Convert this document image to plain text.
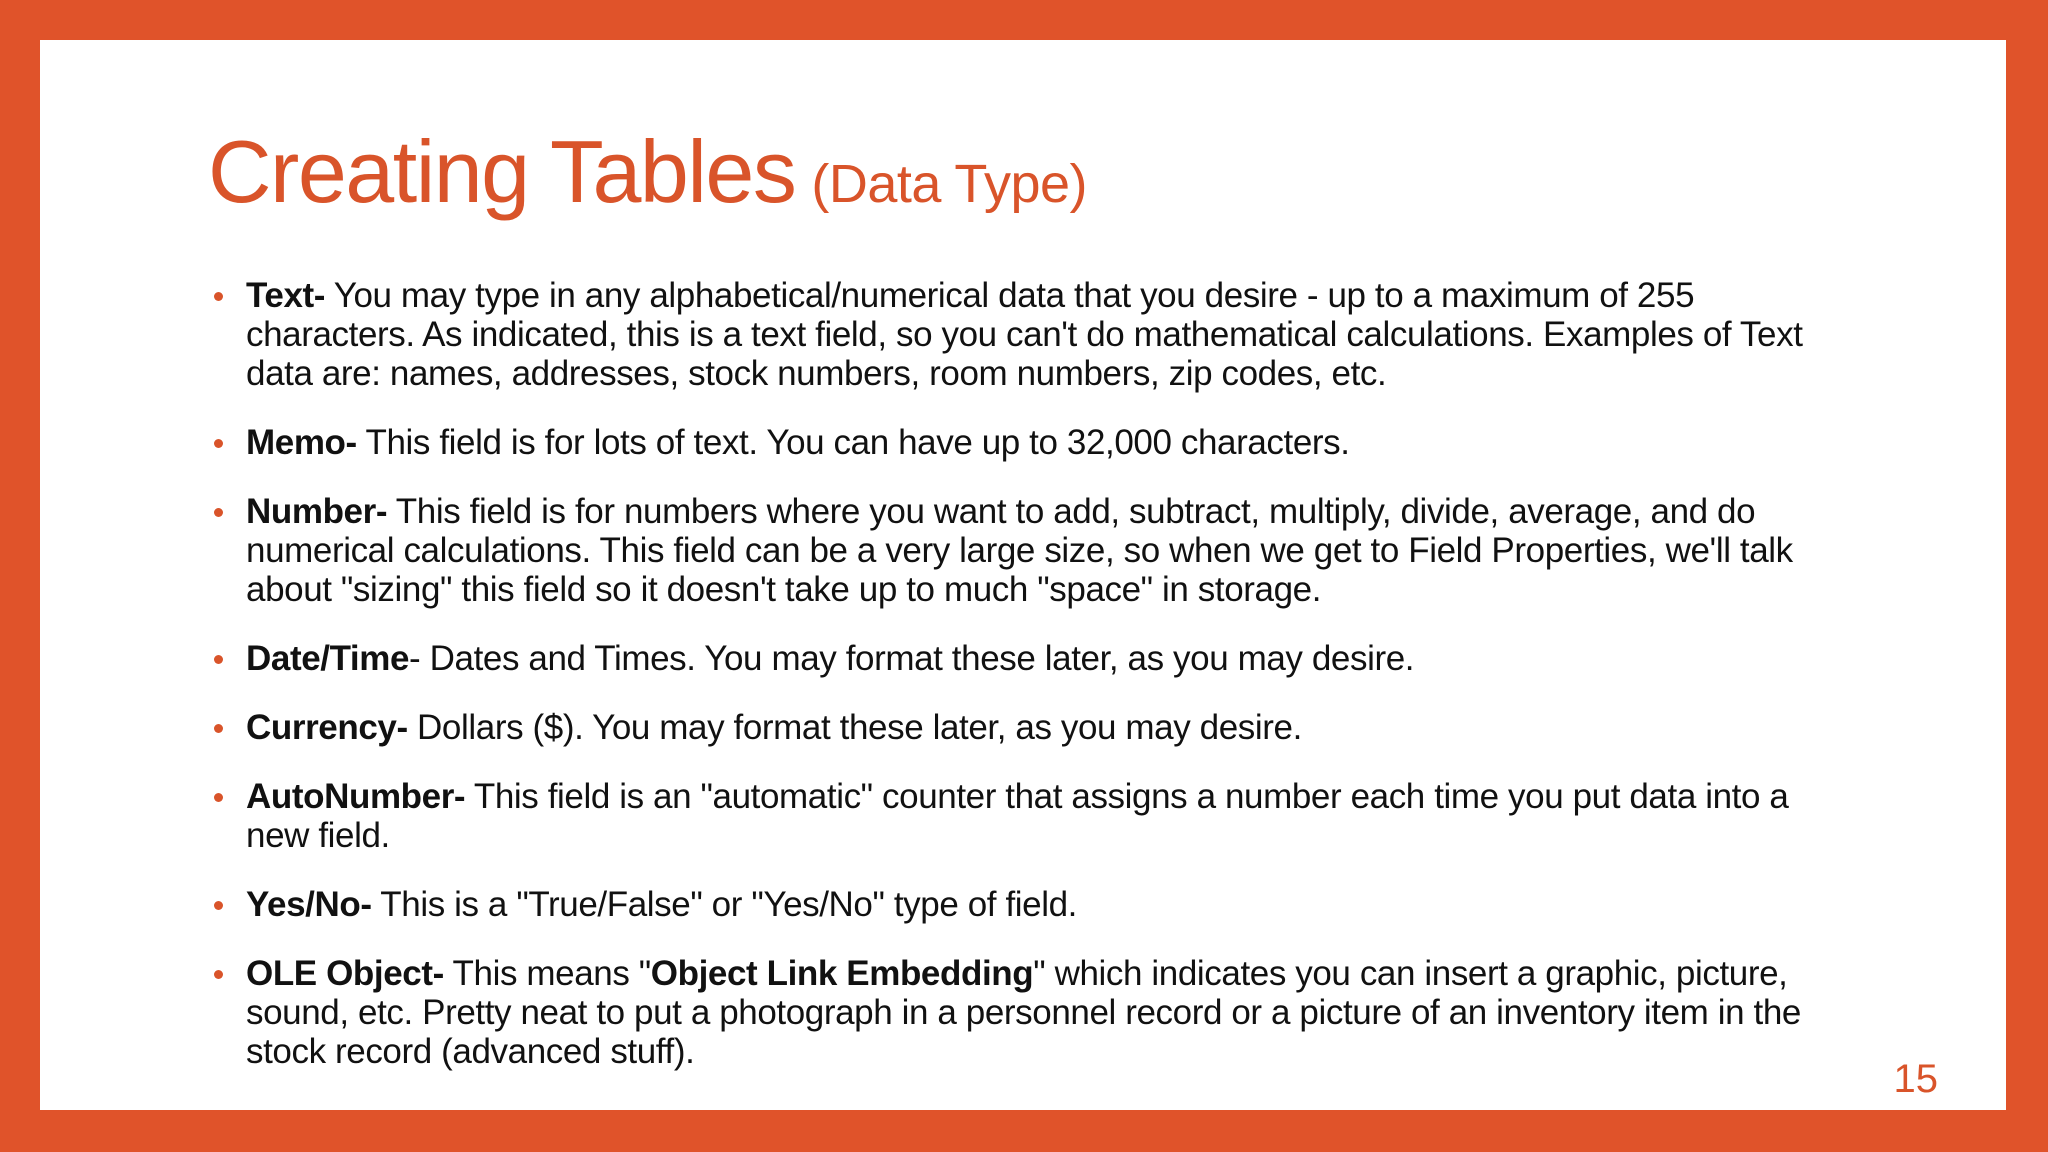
Creating Tables (Data Type)
Text- You may type in any alphabetical/numerical data that you desire - up to a maximum of 255 characters. As indicated, this is a text field, so you can't do mathematical calculations. Examples of Text data are: names, addresses, stock numbers, room numbers, zip codes, etc.
Memo- This field is for lots of text. You can have up to 32,000 characters.
Number- This field is for numbers where you want to add, subtract, multiply, divide, average, and do numerical calculations. This field can be a very large size, so when we get to Field Properties, we'll talk about "sizing" this field so it doesn't take up to much "space" in storage.
Date/Time- Dates and Times. You may format these later, as you may desire.
Currency- Dollars ($). You may format these later, as you may desire.
AutoNumber- This field is an "automatic" counter that assigns a number each time you put data into a new field.
Yes/No- This is a "True/False" or "Yes/No" type of field.
OLE Object- This means "Object Link Embedding" which indicates you can insert a graphic, picture, sound, etc. Pretty neat to put a photograph in a personnel record or a picture of an inventory item in the stock record (advanced stuff).
15
